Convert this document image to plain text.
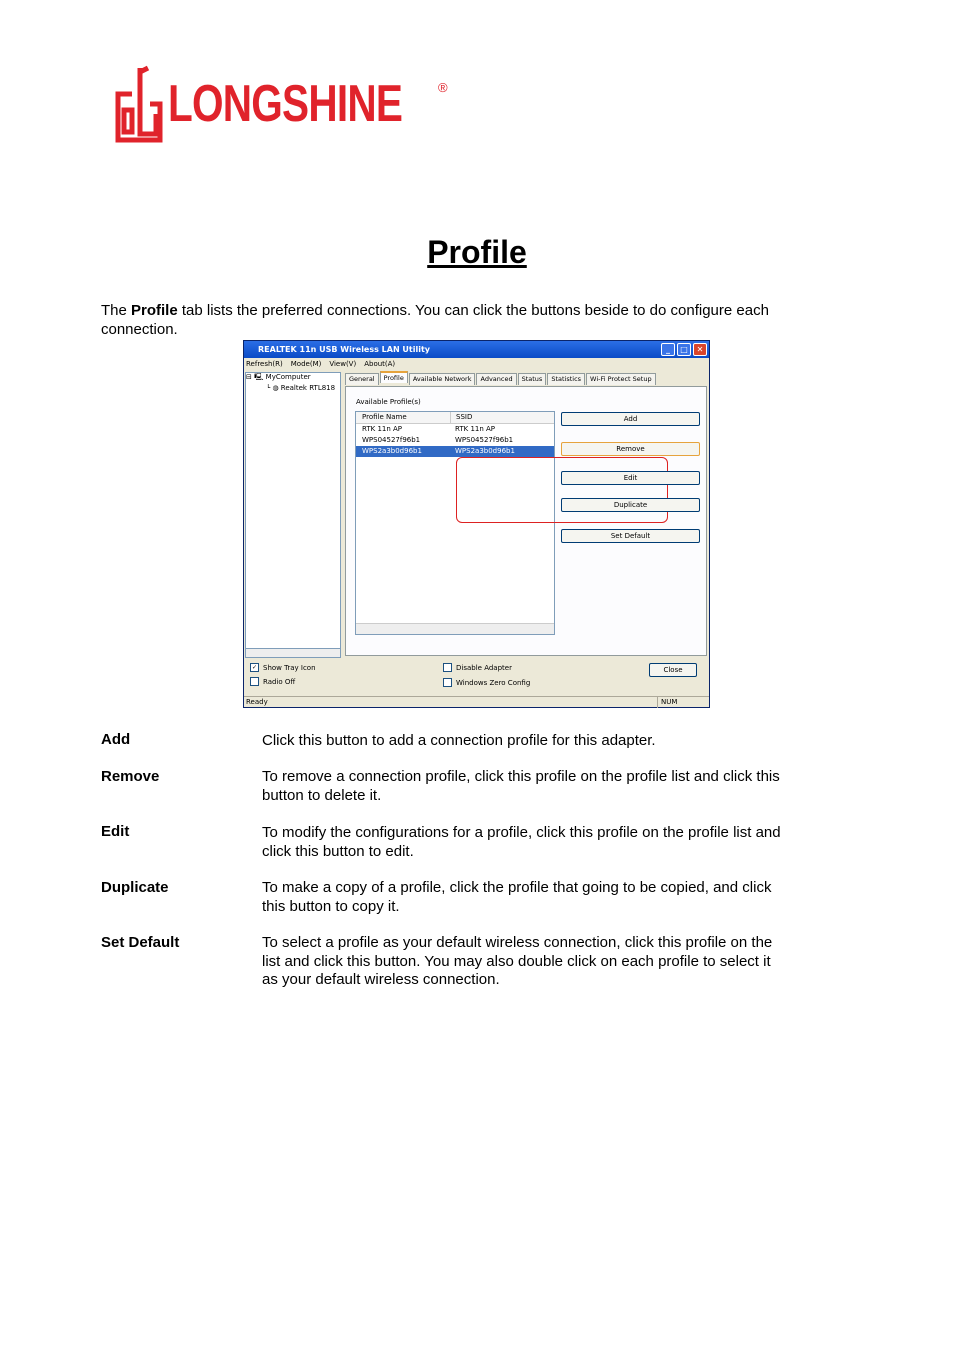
LONGSHINE	®
Profile
The Profile tab lists the preferred connections. You can click the buttons beside to do configure each connection.
REALTEK 11n USB Wireless LAN Utility	_	□	✕
Refresh(R) Mode(M) View(V) About(A)
⊟ 🖳 MyComputer
└ ◍ Realtek RTL818
General	Profile	Available Network	Advanced	Status	Statistics	Wi-Fi Protect Setup
Available Profile(s)
Profile Name	SSID
RTK 11n AP	RTK 11n AP
WPS04527f96b1	WPS04527f96b1
WPS2a3b0d96b1	WPS2a3b0d96b1
Add
Remove
Edit
Duplicate
Set Default
✓ Show Tray Icon
Radio Off
Disable Adapter
Windows Zero Config
Close
Ready	NUM
Add	Click this button to add a connection profile for this adapter.
Remove	To remove a connection profile, click this profile on the profile list and click this button to delete it.
Edit	To modify the configurations for a profile, click this profile on the profile list and click this button to edit.
Duplicate	To make a copy of a profile, click the profile that going to be copied, and click this button to copy it.
Set Default	To select a profile as your default wireless connection, click this profile on the list and click this button. You may also double click on each profile to select it as your default wireless connection.
